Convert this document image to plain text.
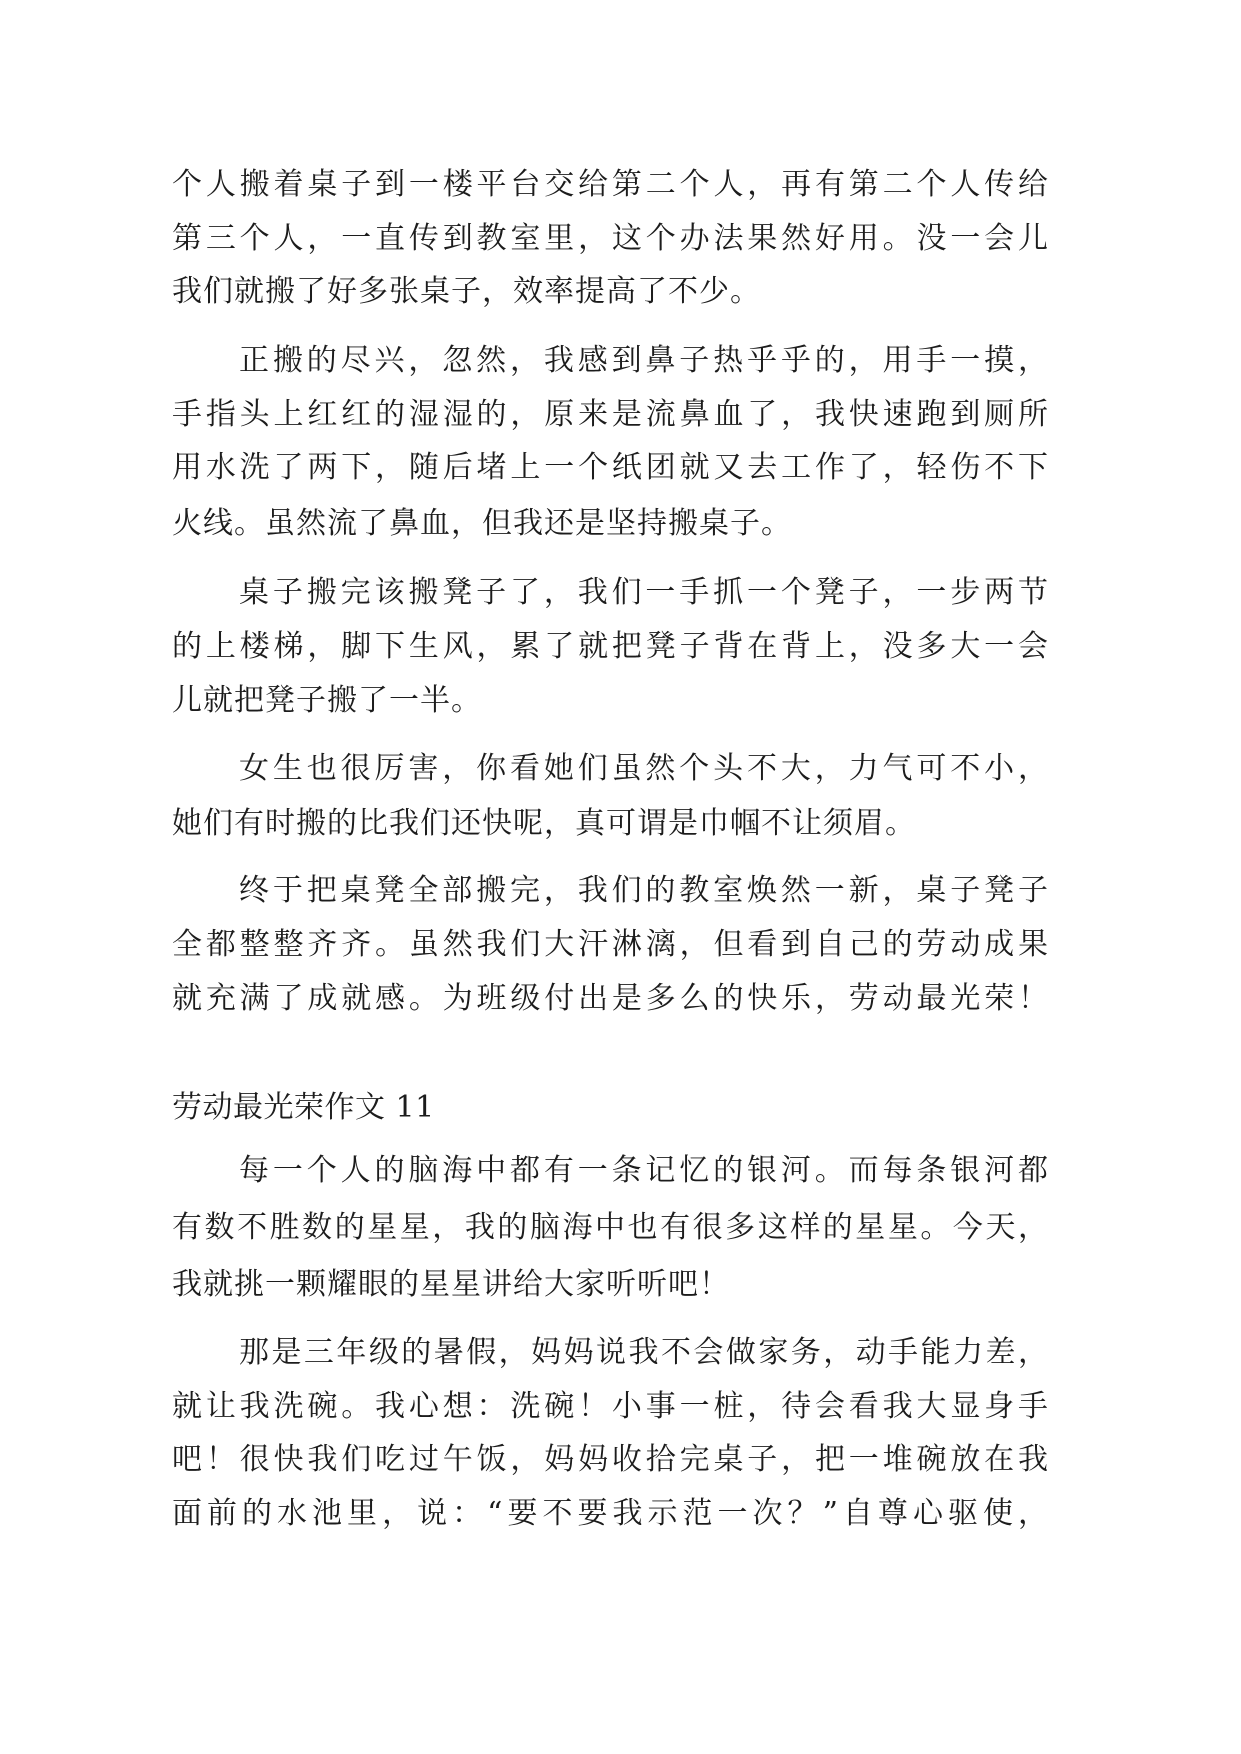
个人搬着桌子到一楼平台交给第二个人，再有第二个人传给
第三个人，一直传到教室里，这个办法果然好用。没一会儿
我们就搬了好多张桌子，效率提高了不少。
正搬的尽兴，忽然，我感到鼻子热乎乎的，用手一摸，
手指头上红红的湿湿的，原来是流鼻血了，我快速跑到厕所
用水洗了两下，随后堵上一个纸团就又去工作了，轻伤不下
火线。虽然流了鼻血，但我还是坚持搬桌子。
桌子搬完该搬凳子了，我们一手抓一个凳子，一步两节
的上楼梯，脚下生风，累了就把凳子背在背上，没多大一会
儿就把凳子搬了一半。
女生也很厉害，你看她们虽然个头不大，力气可不小，
她们有时搬的比我们还快呢，真可谓是巾帼不让须眉。
终于把桌凳全部搬完，我们的教室焕然一新，桌子凳子
全都整整齐齐。虽然我们大汗淋漓，但看到自己的劳动成果
就充满了成就感。为班级付出是多么的快乐，劳动最光荣！
劳动最光荣作文 11
每一个人的脑海中都有一条记忆的银河。而每条银河都
有数不胜数的星星，我的脑海中也有很多这样的星星。今天，
我就挑一颗耀眼的星星讲给大家听听吧！
那是三年级的暑假，妈妈说我不会做家务，动手能力差，
就让我洗碗。我心想：洗碗！小事一桩，待会看我大显身手
吧！很快我们吃过午饭，妈妈收拾完桌子，把一堆碗放在我
面前的水池里，说：“要不要我示范一次？”自尊心驱使，
